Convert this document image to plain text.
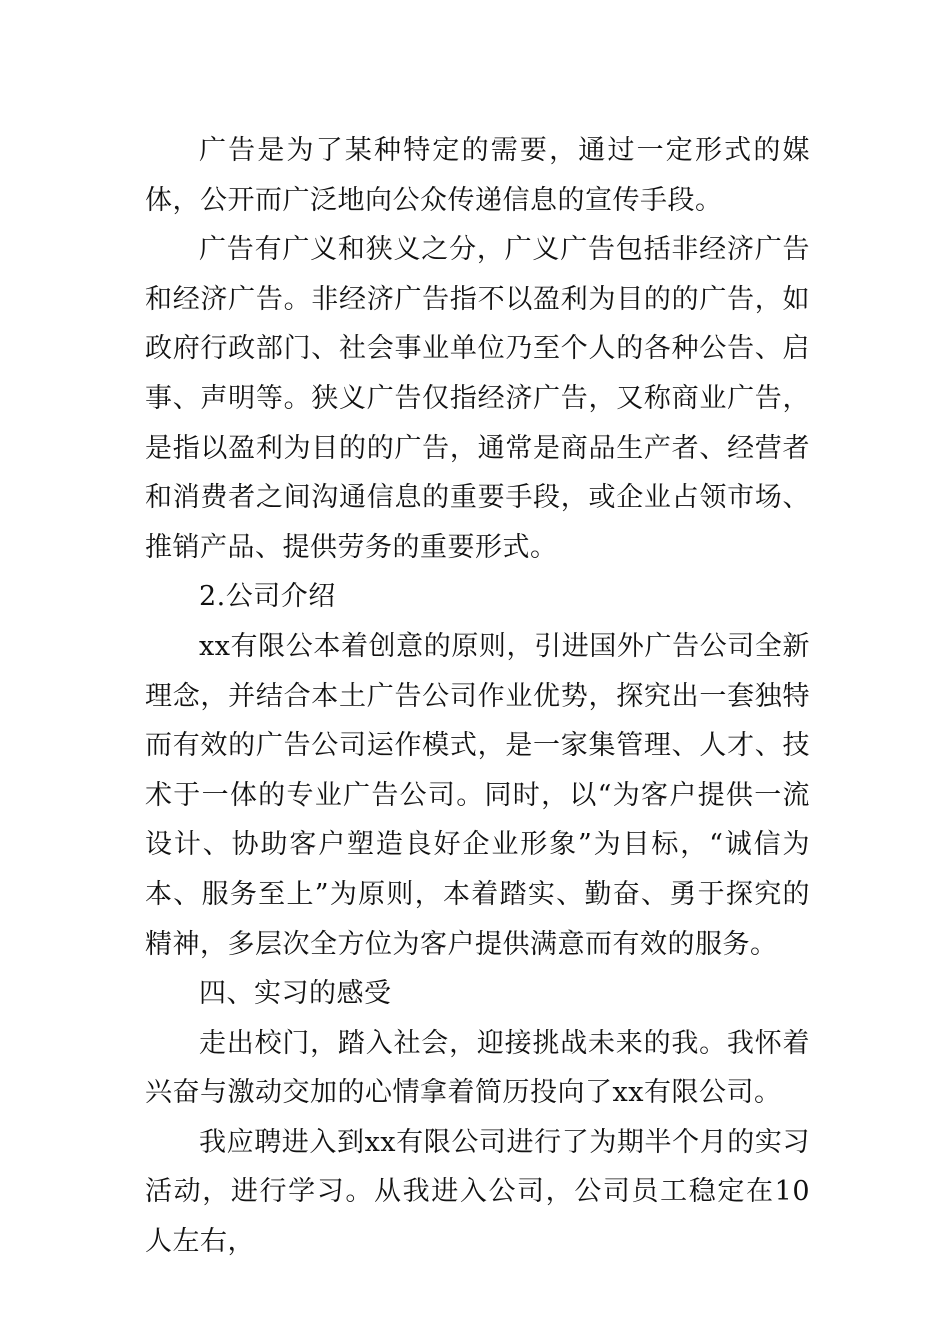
广告是为了某种特定的需要，通过一定形式的媒体，公开而广泛地向公众传递信息的宣传手段。

广告有广义和狭义之分，广义广告包括非经济广告和经济广告。非经济广告指不以盈利为目的的广告，如政府行政部门、社会事业单位乃至个人的各种公告、启事、声明等。狭义广告仅指经济广告，又称商业广告，是指以盈利为目的的广告，通常是商品生产者、经营者和消费者之间沟通信息的重要手段，或企业占领市场、推销产品、提供劳务的重要形式。

2.公司介绍

xx有限公本着创意的原则，引进国外广告公司全新理念，并结合本土广告公司作业优势，探究出一套独特而有效的广告公司运作模式，是一家集管理、人才、技术于一体的专业广告公司。同时，以“为客户提供一流设计、协助客户塑造良好企业形象”为目标，“诚信为本、服务至上”为原则，本着踏实、勤奋、勇于探究的精神，多层次全方位为客户提供满意而有效的服务。

四、实习的感受

走出校门，踏入社会，迎接挑战未来的我。我怀着兴奋与激动交加的心情拿着简历投向了xx有限公司。

我应聘进入到xx有限公司进行了为期半个月的实习活动，进行学习。从我进入公司，公司员工稳定在10人左右，
